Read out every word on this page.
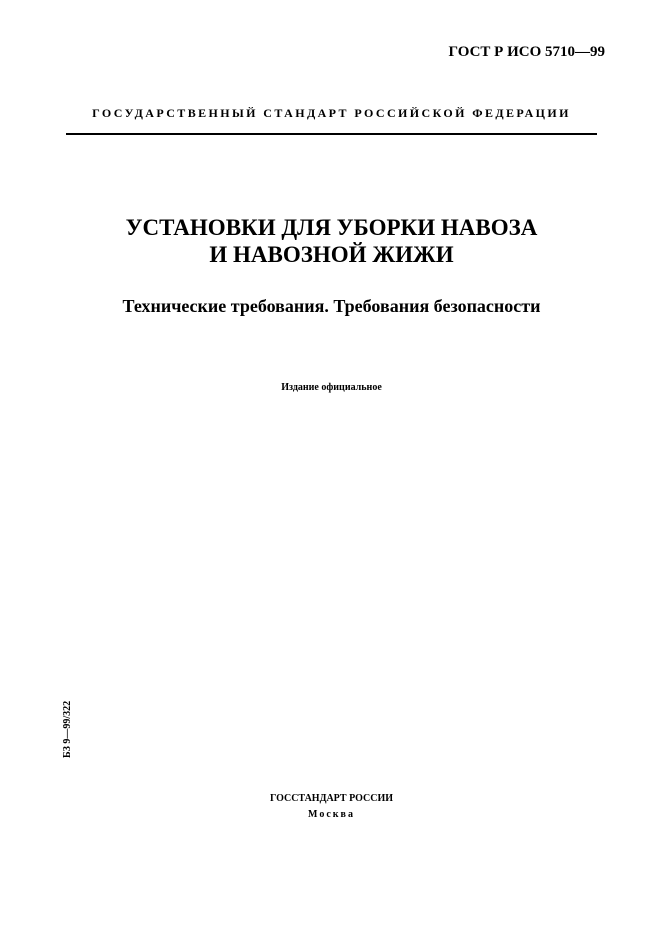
ГОСТ Р ИСО 5710—99
ГОСУДАРСТВЕННЫЙ СТАНДАРТ РОССИЙСКОЙ ФЕДЕРАЦИИ
УСТАНОВКИ ДЛЯ УБОРКИ НАВОЗА
И НАВОЗНОЙ ЖИЖИ
Технические требования. Требования безопасности
Издание официальное
БЗ 9—99/322
ГОССТАНДАРТ РОССИИ
Москва
